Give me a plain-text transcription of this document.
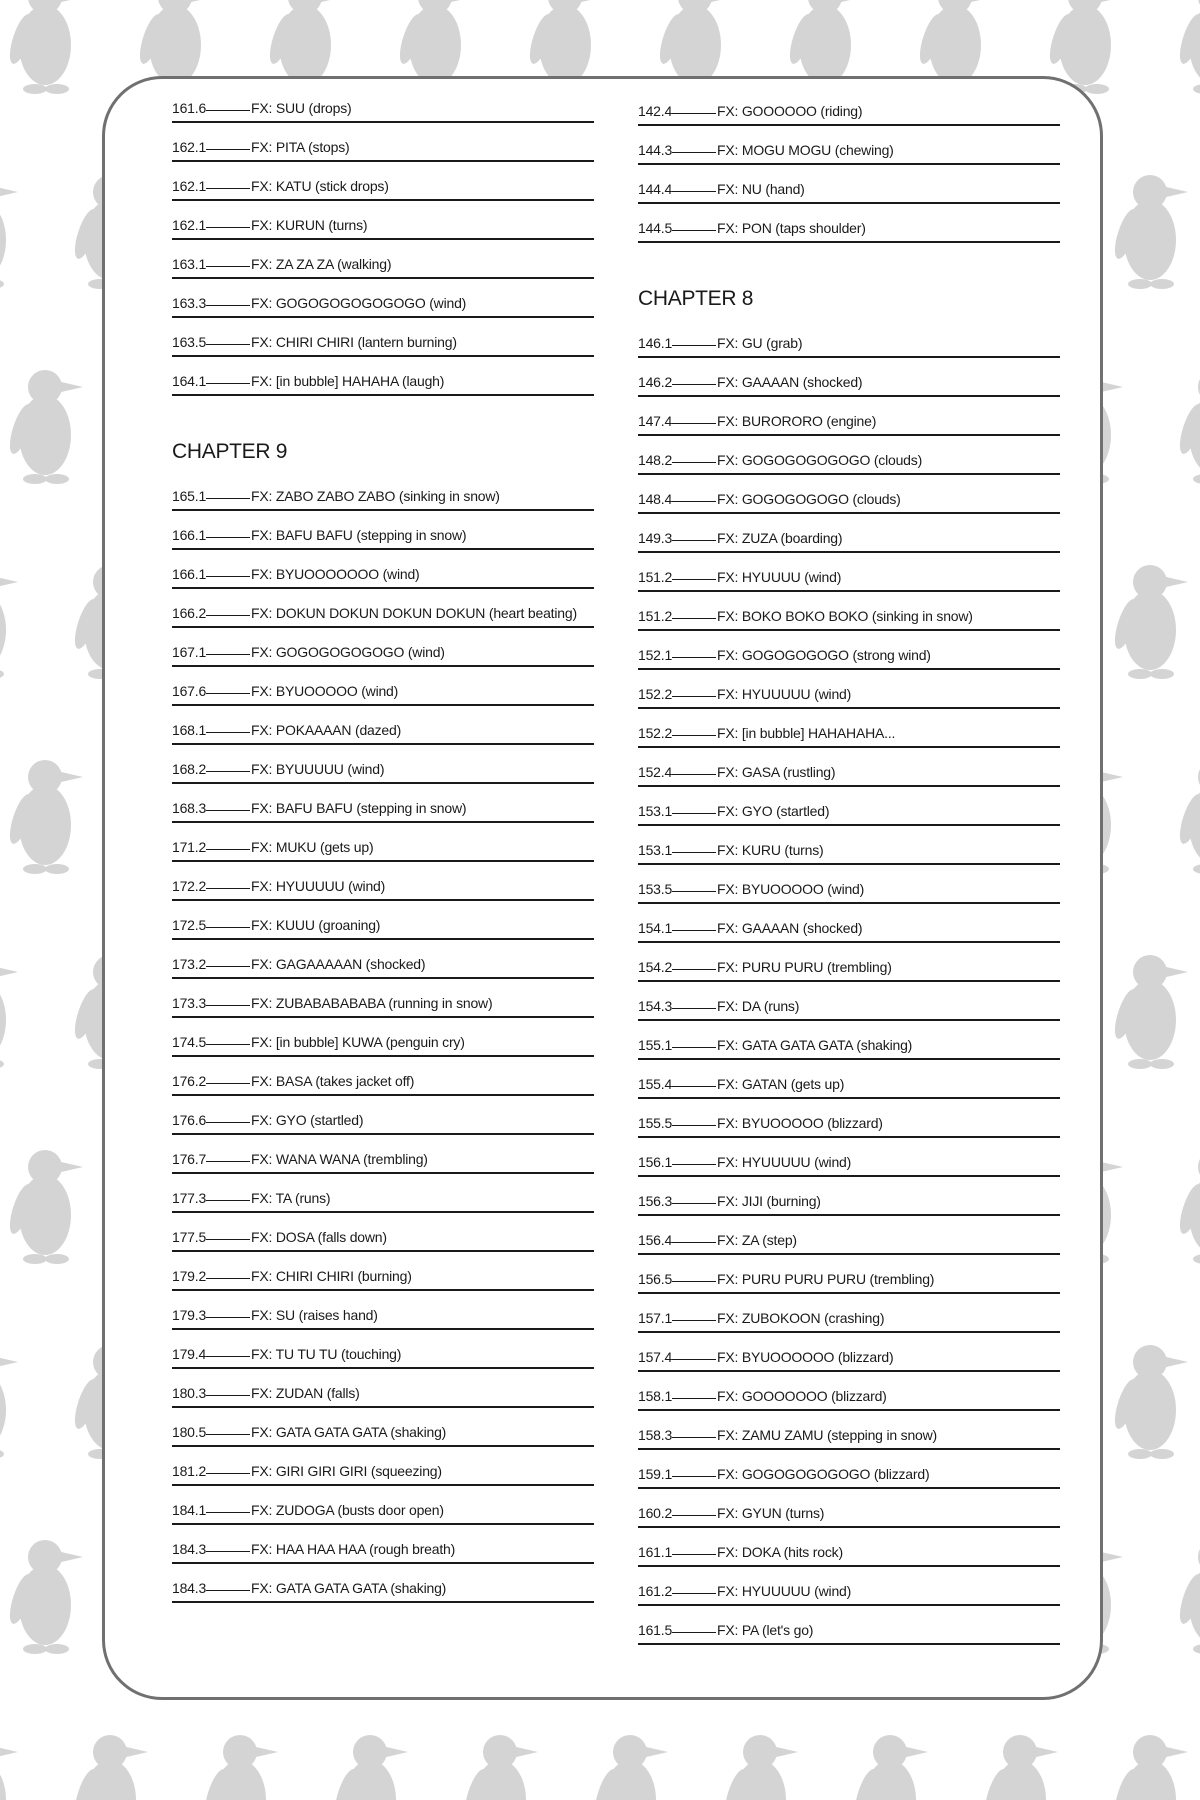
161.6	FX: SUU (drops)
162.1	FX: PITA (stops)
162.1	FX: KATU (stick drops)
162.1	FX: KURUN (turns)
163.1	FX: ZA ZA ZA (walking)
163.3	FX: GOGOGOGOGOGOGO (wind)
163.5	FX: CHIRI CHIRI (lantern burning)
164.1	FX: [in bubble] HAHAHA (laugh)
CHAPTER 9
165.1	FX: ZABO ZABO ZABO (sinking in snow)
166.1	FX: BAFU BAFU (stepping in snow)
166.1	FX: BYUOOOOOOO (wind)
166.2	FX: DOKUN DOKUN DOKUN DOKUN (heart beating)
167.1	FX: GOGOGOGOGOGO (wind)
167.6	FX: BYUOOOOO (wind)
168.1	FX: POKAAAAN (dazed)
168.2	FX: BYUUUUU (wind)
168.3	FX: BAFU BAFU (stepping in snow)
171.2	FX: MUKU (gets up)
172.2	FX: HYUUUUU (wind)
172.5	FX: KUUU (groaning)
173.2	FX: GAGAAAAAN (shocked)
173.3	FX: ZUBABABABABA (running in snow)
174.5	FX: [in bubble] KUWA (penguin cry)
176.2	FX: BASA (takes jacket off)
176.6	FX: GYO (startled)
176.7	FX: WANA WANA (trembling)
177.3	FX: TA (runs)
177.5	FX: DOSA (falls down)
179.2	FX: CHIRI CHIRI (burning)
179.3	FX: SU (raises hand)
179.4	FX: TU TU TU (touching)
180.3	FX: ZUDAN (falls)
180.5	FX: GATA GATA GATA (shaking)
181.2	FX: GIRI GIRI GIRI (squeezing)
184.1	FX: ZUDOGA (busts door open)
184.3	FX: HAA HAA HAA (rough breath)
184.3	FX: GATA GATA GATA (shaking)
142.4	FX: GOOOOOO (riding)
144.3	FX: MOGU MOGU (chewing)
144.4	FX: NU (hand)
144.5	FX: PON (taps shoulder)
CHAPTER 8
146.1	FX: GU (grab)
146.2	FX: GAAAAN (shocked)
147.4	FX: BURORORO (engine)
148.2	FX: GOGOGOGOGOGO (clouds)
148.4	FX: GOGOGOGOGO (clouds)
149.3	FX: ZUZA (boarding)
151.2	FX: HYUUUU (wind)
151.2	FX: BOKO BOKO BOKO (sinking in snow)
152.1	FX: GOGOGOGOGO (strong wind)
152.2	FX: HYUUUUU (wind)
152.2	FX: [in bubble] HAHAHAHA...
152.4	FX: GASA (rustling)
153.1	FX: GYO (startled)
153.1	FX: KURU (turns)
153.5	FX: BYUOOOOO (wind)
154.1	FX: GAAAAN (shocked)
154.2	FX: PURU PURU (trembling)
154.3	FX: DA (runs)
155.1	FX: GATA GATA GATA (shaking)
155.4	FX: GATAN (gets up)
155.5	FX: BYUOOOOO (blizzard)
156.1	FX: HYUUUUU (wind)
156.3	FX: JIJI (burning)
156.4	FX: ZA (step)
156.5	FX: PURU PURU PURU (trembling)
157.1	FX: ZUBOKOON (crashing)
157.4	FX: BYUOOOOOO (blizzard)
158.1	FX: GOOOOOOO (blizzard)
158.3	FX: ZAMU ZAMU (stepping in snow)
159.1	FX: GOGOGOGOGOGO (blizzard)
160.2	FX: GYUN (turns)
161.1	FX: DOKA (hits rock)
161.2	FX: HYUUUUU (wind)
161.5	FX: PA (let's go)
